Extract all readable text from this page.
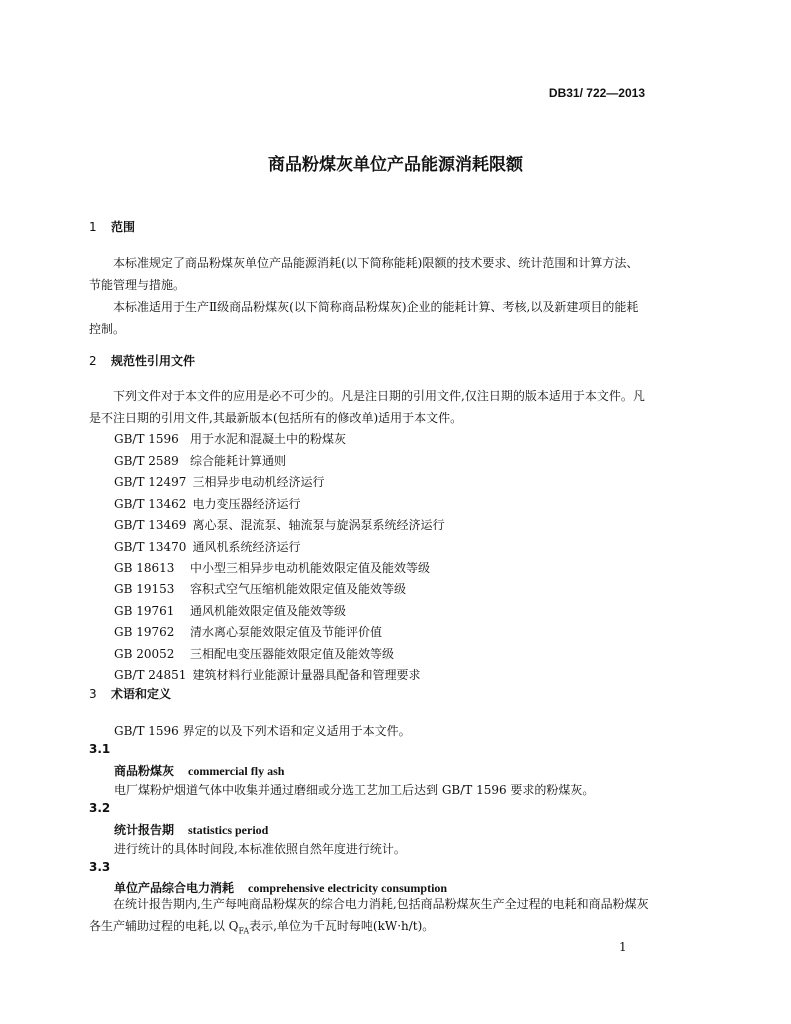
DB31/ 722—2013
商品粉煤灰单位产品能源消耗限额
1 范围
本标准规定了商品粉煤灰单位产品能源消耗(以下简称能耗)限额的技术要求、统计范围和计算方法、节能管理与措施。
本标准适用于生产Ⅱ级商品粉煤灰(以下简称商品粉煤灰)企业的能耗计算、考核,以及新建项目的能耗控制。
2 规范性引用文件
下列文件对于本文件的应用是必不可少的。凡是注日期的引用文件,仅注日期的版本适用于本文件。凡是不注日期的引用文件,其最新版本(包括所有的修改单)适用于本文件。
GB/T 1596 用于水泥和混凝土中的粉煤灰
GB/T 2589 综合能耗计算通则
GB/T 12497 三相异步电动机经济运行
GB/T 13462 电力变压器经济运行
GB/T 13469 离心泵、混流泵、轴流泵与旋涡泵系统经济运行
GB/T 13470 通风机系统经济运行
GB 18613 中小型三相异步电动机能效限定值及能效等级
GB 19153 容积式空气压缩机能效限定值及能效等级
GB 19761 通风机能效限定值及能效等级
GB 19762 清水离心泵能效限定值及节能评价值
GB 20052 三相配电变压器能效限定值及能效等级
GB/T 24851 建筑材料行业能源计量器具配备和管理要求
3 术语和定义
GB/T 1596 界定的以及下列术语和定义适用于本文件。
3.1
商品粉煤灰 commercial fly ash
电厂煤粉炉烟道气体中收集并通过磨细或分选工艺加工后达到 GB/T 1596 要求的粉煤灰。
3.2
统计报告期 statistics period
进行统计的具体时间段,本标准依照自然年度进行统计。
3.3
单位产品综合电力消耗 comprehensive electricity consumption
在统计报告期内,生产每吨商品粉煤灰的综合电力消耗,包括商品粉煤灰生产全过程的电耗和商品粉煤灰各生产辅助过程的电耗,以 $Q_{FA}$表示,单位为千瓦时每吨(kW·h/t)。
1
